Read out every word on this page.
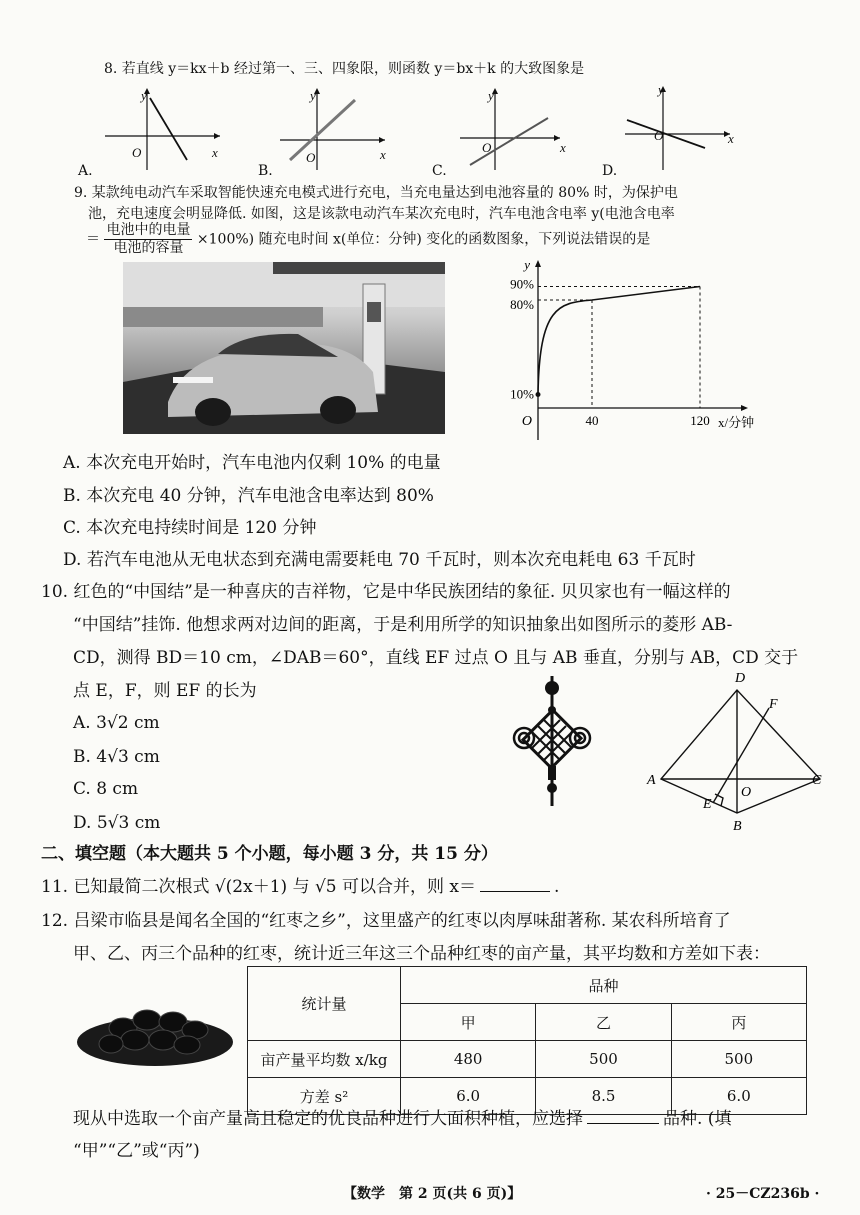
8. 若直线 y＝kx＋b 经过第一、三、四象限，则函数 y＝bx＋k 的大致图象是
y
x
O
y
x
O
y
x
O
y
x
O
A.	B.	C.	D.
9. 某款纯电动汽车采取智能快速充电模式进行充电，当充电量达到电池容量的 80% 时，为保护电
池，充电速度会明显降低. 如图，这是该款电动汽车某次充电时，汽车电池含电率 y(电池含电率
＝ $\frac{\text{电池中的电量}}{\text{电池的容量}} \times 100\%$) 随充电时间 x(单位：分钟) 变化的函数图象，下列说法错误的是
y
O	x/分钟
90%
80%
10%
40	120
A. 本次充电开始时，汽车电池内仅剩 10% 的电量
B. 本次充电 40 分钟，汽车电池含电率达到 80%
C. 本次充电持续时间是 120 分钟
D. 若汽车电池从无电状态到充满电需要耗电 70 千瓦时，则本次充电耗电 63 千瓦时
10. 红色的“中国结”是一种喜庆的吉祥物，它是中华民族团结的象征. 贝贝家也有一幅这样的
“中国结”挂饰. 他想求两对边间的距离，于是利用所学的知识抽象出如图所示的菱形 AB-
CD，测得 BD＝10 cm，∠DAB＝60°，直线 EF 过点 O 且与 AB 垂直，分别与 AB，CD 交于
点 E，F，则 EF 的长为
A. 3√2 cm
B. 4√3 cm
C. 8 cm
D. 5√3 cm
D
F
A	C
O
E
B
二、填空题（本大题共 5 个小题，每小题 3 分，共 15 分）
11. 已知最简二次根式 √(2x＋1) 与 √5 可以合并，则 x＝	.
12. 吕梁市临县是闻名全国的“红枣之乡”，这里盛产的红枣以肉厚味甜著称. 某农科所培育了
甲、乙、丙三个品种的红枣，统计近三年这三个品种红枣的亩产量，其平均数和方差如下表：
统计量	品种		
	甲	乙	丙
亩产量平均数 x/kg	480	500	500
方差 s²	6.0	8.5	6.0
现从中选取一个亩产量高且稳定的优良品种进行大面积种植，应选择	品种. (填
“甲”“乙”或“丙”)
【数学　第 2 页(共 6 页)】	· 25－CZ236b ·
